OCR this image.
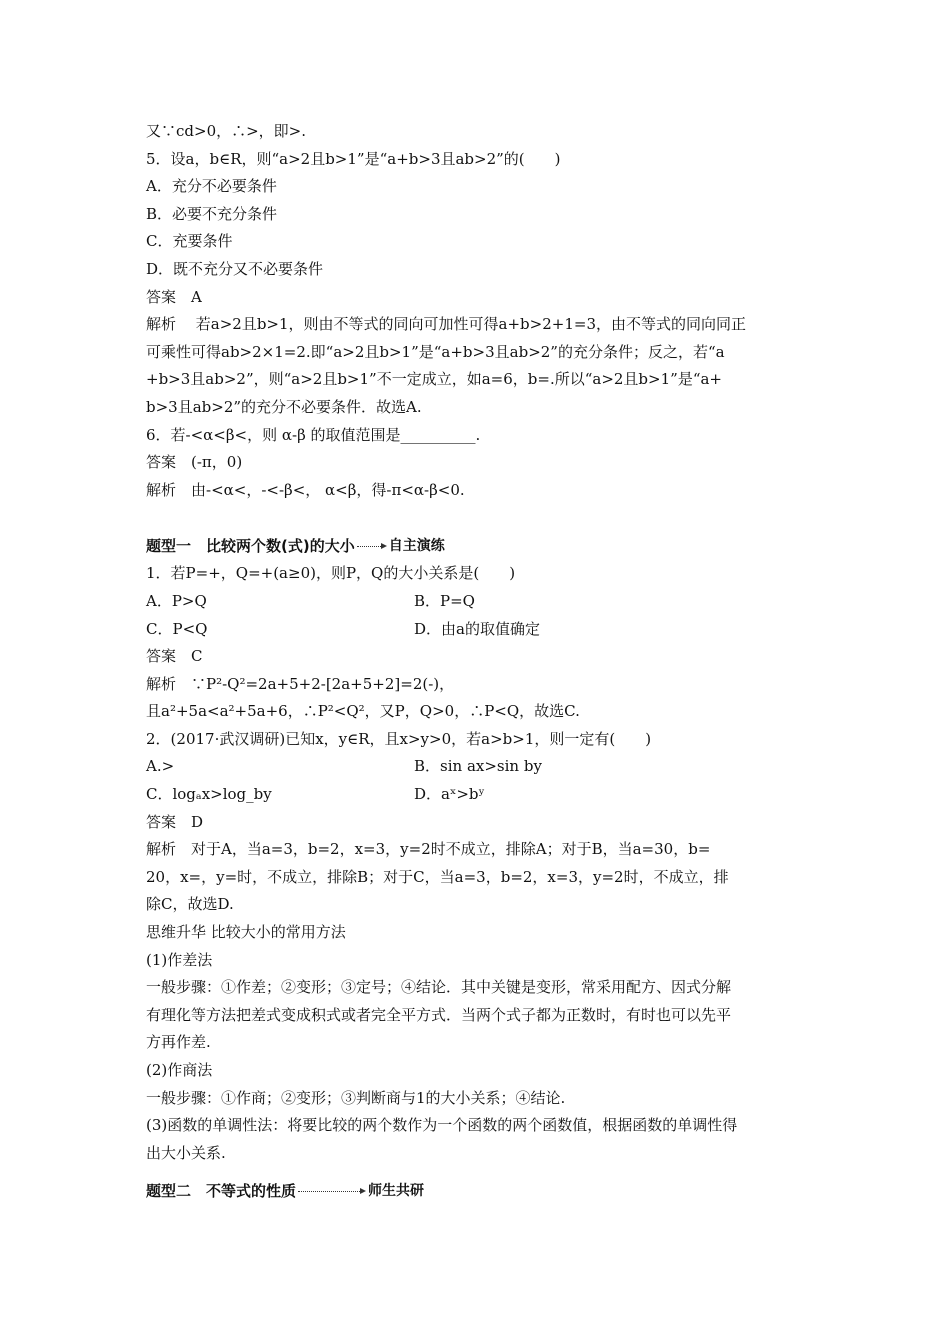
又∵cd>0，∴>，即>.
5．设a，b∈R，则“a>2且b>1”是“a+b>3且ab>2”的(　　)
A．充分不必要条件
B．必要不充分条件
C．充要条件
D．既不充分又不必要条件
答案　A
解析　 若a>2且b>1，则由不等式的同向可加性可得a+b>2+1=3，由不等式的同向同正
可乘性可得ab>2×1=2.即“a>2且b>1”是“a+b>3且ab>2”的充分条件；反之，若“a
+b>3且ab>2”，则“a>2且b>1”不一定成立，如a=6，b=.所以“a>2且b>1”是“a+
b>3且ab>2”的充分不必要条件．故选A.
6．若-<α<β<，则 α-β 的取值范围是__________.
答案　(-π，0)
解析　由-<α<，-<-β<， α<β，得-π<α-β<0.
题型一　比较两个数(式)的大小 自主演练
1．若P=+，Q=+(a≥0)，则P，Q的大小关系是(　　)
A．P>Q	B．P=Q
C．P<Q	D．由a的取值确定
答案　C
解析　∵P²-Q²=2a+5+2-[2a+5+2]=2(-)，
且a²+5a<a²+5a+6，∴P²<Q²，又P，Q>0，∴P<Q，故选C.
2．(2017·武汉调研)已知x，y∈R，且x>y>0，若a>b>1，则一定有(　　)
A.>	B．sin ax>sin by
C．logₐx>log_by	D．aˣ>bʸ
答案　D
解析　对于A，当a=3，b=2，x=3，y=2时不成立，排除A；对于B，当a=30，b=
20，x=，y=时，不成立，排除B；对于C，当a=3，b=2，x=3，y=2时，不成立，排
除C，故选D.
思维升华 比较大小的常用方法
(1)作差法
一般步骤：①作差；②变形；③定号；④结论．其中关键是变形，常采用配方、因式分解
有理化等方法把差式变成积式或者完全平方式．当两个式子都为正数时，有时也可以先平
方再作差.
(2)作商法
一般步骤：①作商；②变形；③判断商与1的大小关系；④结论.
(3)函数的单调性法：将要比较的两个数作为一个函数的两个函数值，根据函数的单调性得
出大小关系.
题型二　不等式的性质	师生共研
